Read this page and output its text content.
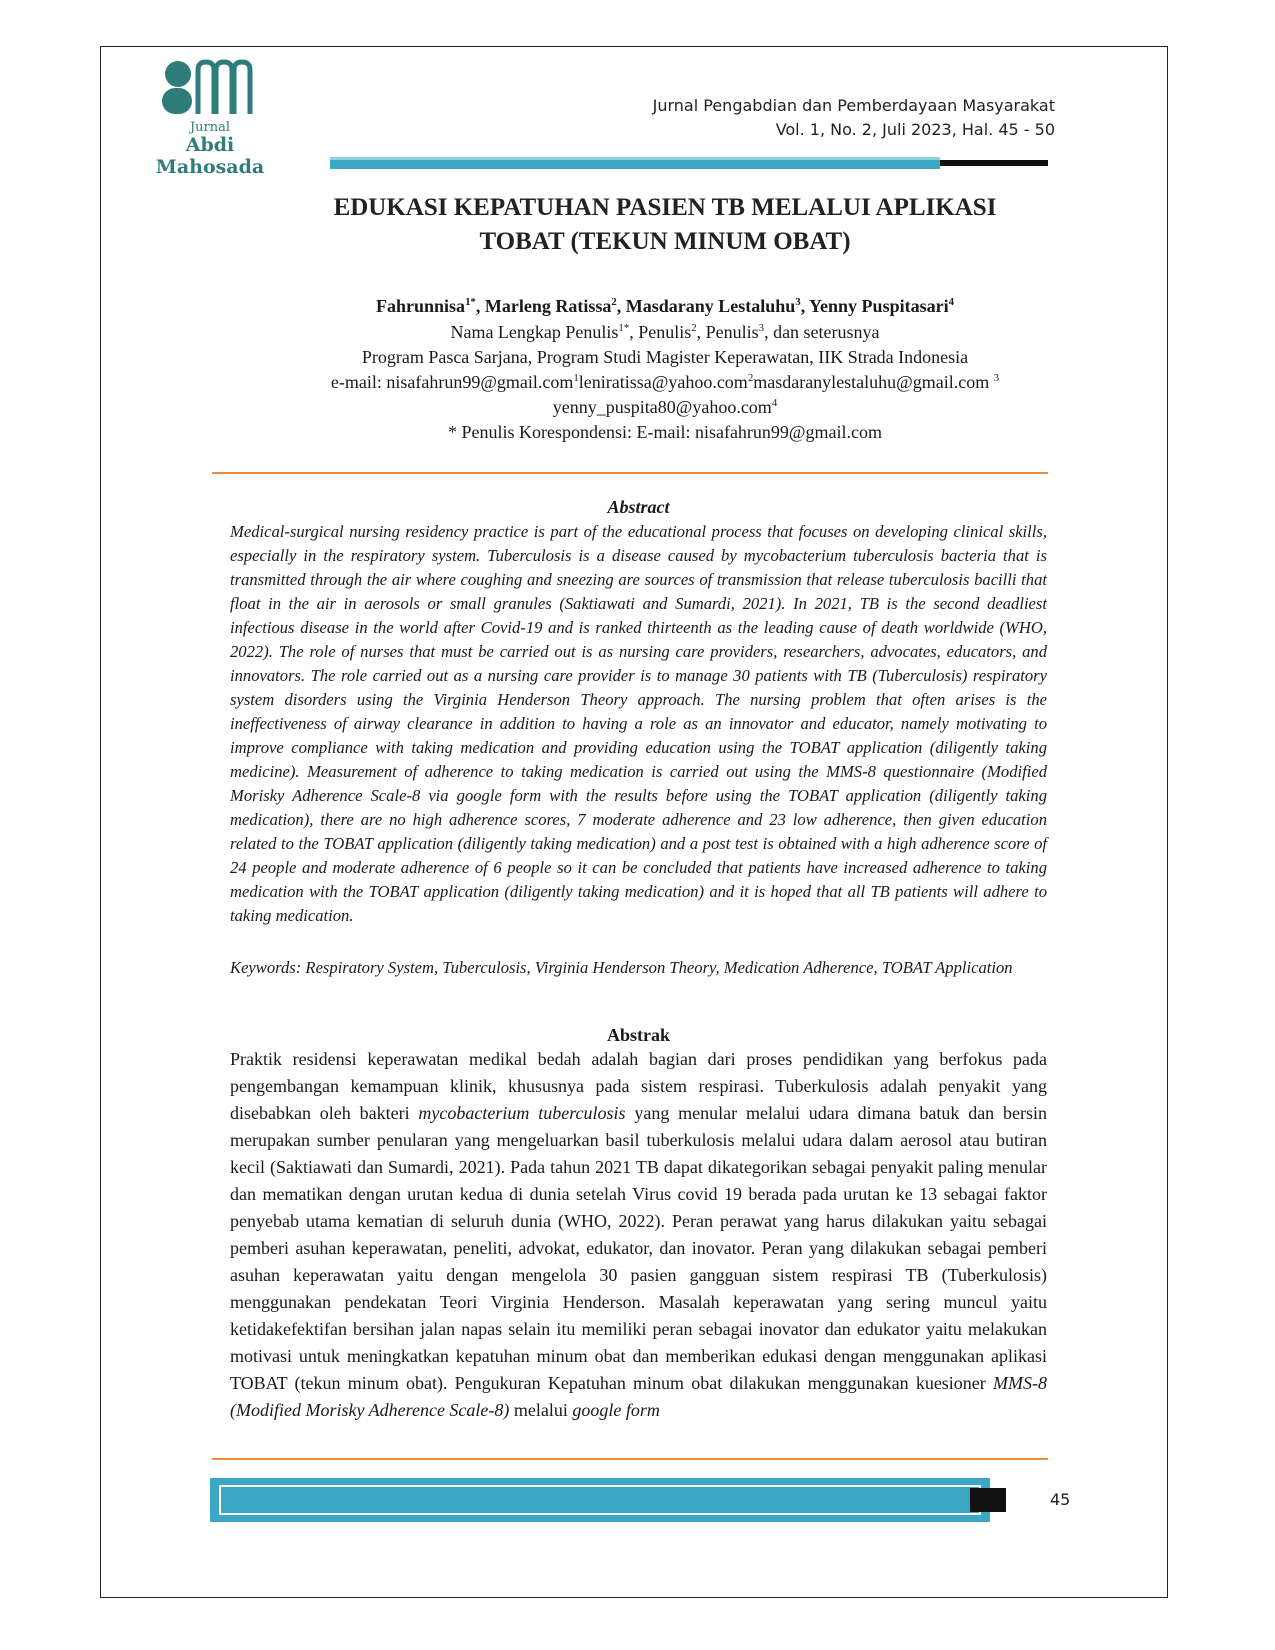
Jurnal
Abdi Mahosada
Jurnal Pengabdian dan Pemberdayaan Masyarakat
Vol. 1, No. 2, Juli 2023, Hal. 45 - 50
EDUKASI KEPATUHAN PASIEN TB MELALUI APLIKASI
TOBAT (TEKUN MINUM OBAT)
Fahrunnisa$^{1*}$, Marleng Ratissa$^2$, Masdarany Lestaluhu$^3$, Yenny Puspitasari$^4$
Nama Lengkap Penulis$^{1*}$, Penulis$^2$, Penulis$^3$, dan seterusnya
Program Pasca Sarjana, Program Studi Magister Keperawatan, IIK Strada Indonesia
e-mail: nisafahrun99@gmail.com$^1$leniratissa@yahoo.com$^2$masdaranylestaluhu@gmail.com $^3$
yenny_puspita80@yahoo.com$^4$
* Penulis Korespondensi: E-mail: nisafahrun99@gmail.com
Abstract
Medical-surgical nursing residency practice is part of the educational process that focuses on developing clinical skills, especially in the respiratory system. Tuberculosis is a disease caused by mycobacterium tuberculosis bacteria that is transmitted through the air where coughing and sneezing are sources of transmission that release tuberculosis bacilli that float in the air in aerosols or small granules (Saktiawati and Sumardi, 2021). In 2021, TB is the second deadliest infectious disease in the world after Covid-19 and is ranked thirteenth as the leading cause of death worldwide (WHO, 2022). The role of nurses that must be carried out is as nursing care providers, researchers, advocates, educators, and innovators. The role carried out as a nursing care provider is to manage 30 patients with TB (Tuberculosis) respiratory system disorders using the Virginia Henderson Theory approach. The nursing problem that often arises is the ineffectiveness of airway clearance in addition to having a role as an innovator and educator, namely motivating to improve compliance with taking medication and providing education using the TOBAT application (diligently taking medicine). Measurement of adherence to taking medication is carried out using the MMS-8 questionnaire (Modified Morisky Adherence Scale-8 via google form with the results before using the TOBAT application (diligently taking medication), there are no high adherence scores, 7 moderate adherence and 23 low adherence, then given education related to the TOBAT application (diligently taking medication) and a post test is obtained with a high adherence score of 24 people and moderate adherence of 6 people so it can be concluded that patients have increased adherence to taking medication with the TOBAT application (diligently taking medication) and it is hoped that all TB patients will adhere to taking medication.
Keywords: Respiratory System, Tuberculosis, Virginia Henderson Theory, Medication Adherence, TOBAT Application
Abstrak
Praktik residensi keperawatan medikal bedah adalah bagian dari proses pendidikan yang berfokus pada pengembangan kemampuan klinik, khususnya pada sistem respirasi. Tuberkulosis adalah penyakit yang disebabkan oleh bakteri mycobacterium tuberculosis yang menular melalui udara dimana batuk dan bersin merupakan sumber penularan yang mengeluarkan basil tuberkulosis melalui udara dalam aerosol atau butiran kecil (Saktiawati dan Sumardi, 2021). Pada tahun 2021 TB dapat dikategorikan sebagai penyakit paling menular dan mematikan dengan urutan kedua di dunia setelah Virus covid 19 berada pada urutan ke 13 sebagai faktor penyebab utama kematian di seluruh dunia (WHO, 2022). Peran perawat yang harus dilakukan yaitu sebagai pemberi asuhan keperawatan, peneliti, advokat, edukator, dan inovator. Peran yang dilakukan sebagai pemberi asuhan keperawatan yaitu dengan mengelola 30 pasien gangguan sistem respirasi TB (Tuberkulosis) menggunakan pendekatan Teori Virginia Henderson. Masalah keperawatan yang sering muncul yaitu ketidakefektifan bersihan jalan napas selain itu memiliki peran sebagai inovator dan edukator yaitu melakukan motivasi untuk meningkatkan kepatuhan minum obat dan memberikan edukasi dengan menggunakan aplikasi TOBAT (tekun minum obat). Pengukuran Kepatuhan minum obat dilakukan menggunakan kuesioner MMS-8 (Modified Morisky Adherence Scale-8) melalui google form
45
